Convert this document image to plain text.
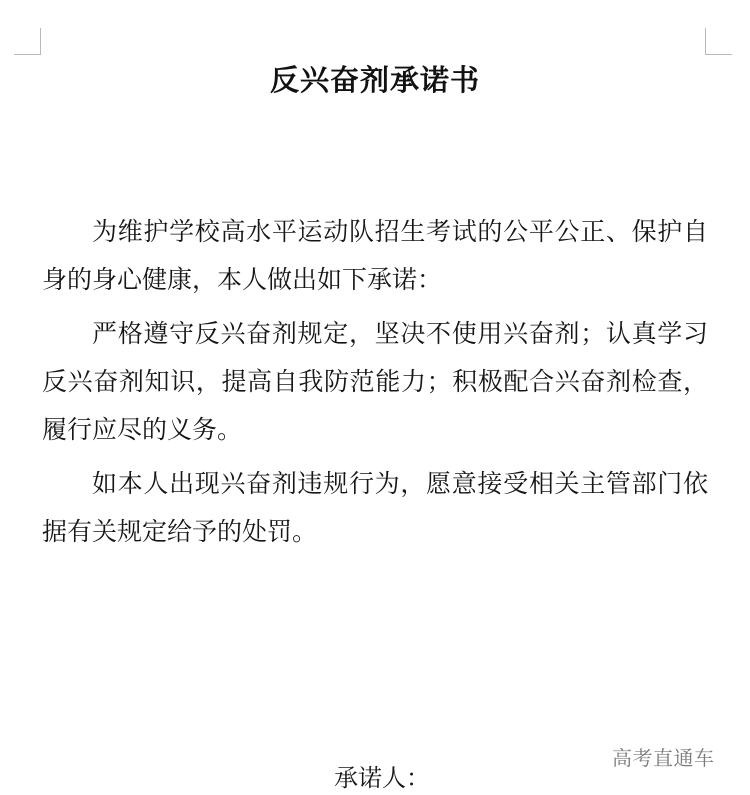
反兴奋剂承诺书

为维护学校高水平运动队招生考试的公平公正、保护自身的身心健康，本人做出如下承诺：

严格遵守反兴奋剂规定，坚决不使用兴奋剂；认真学习反兴奋剂知识，提高自我防范能力；积极配合兴奋剂检查，履行应尽的义务。

如本人出现兴奋剂违规行为，愿意接受相关主管部门依据有关规定给予的处罚。

承诺人：
高考直通车
